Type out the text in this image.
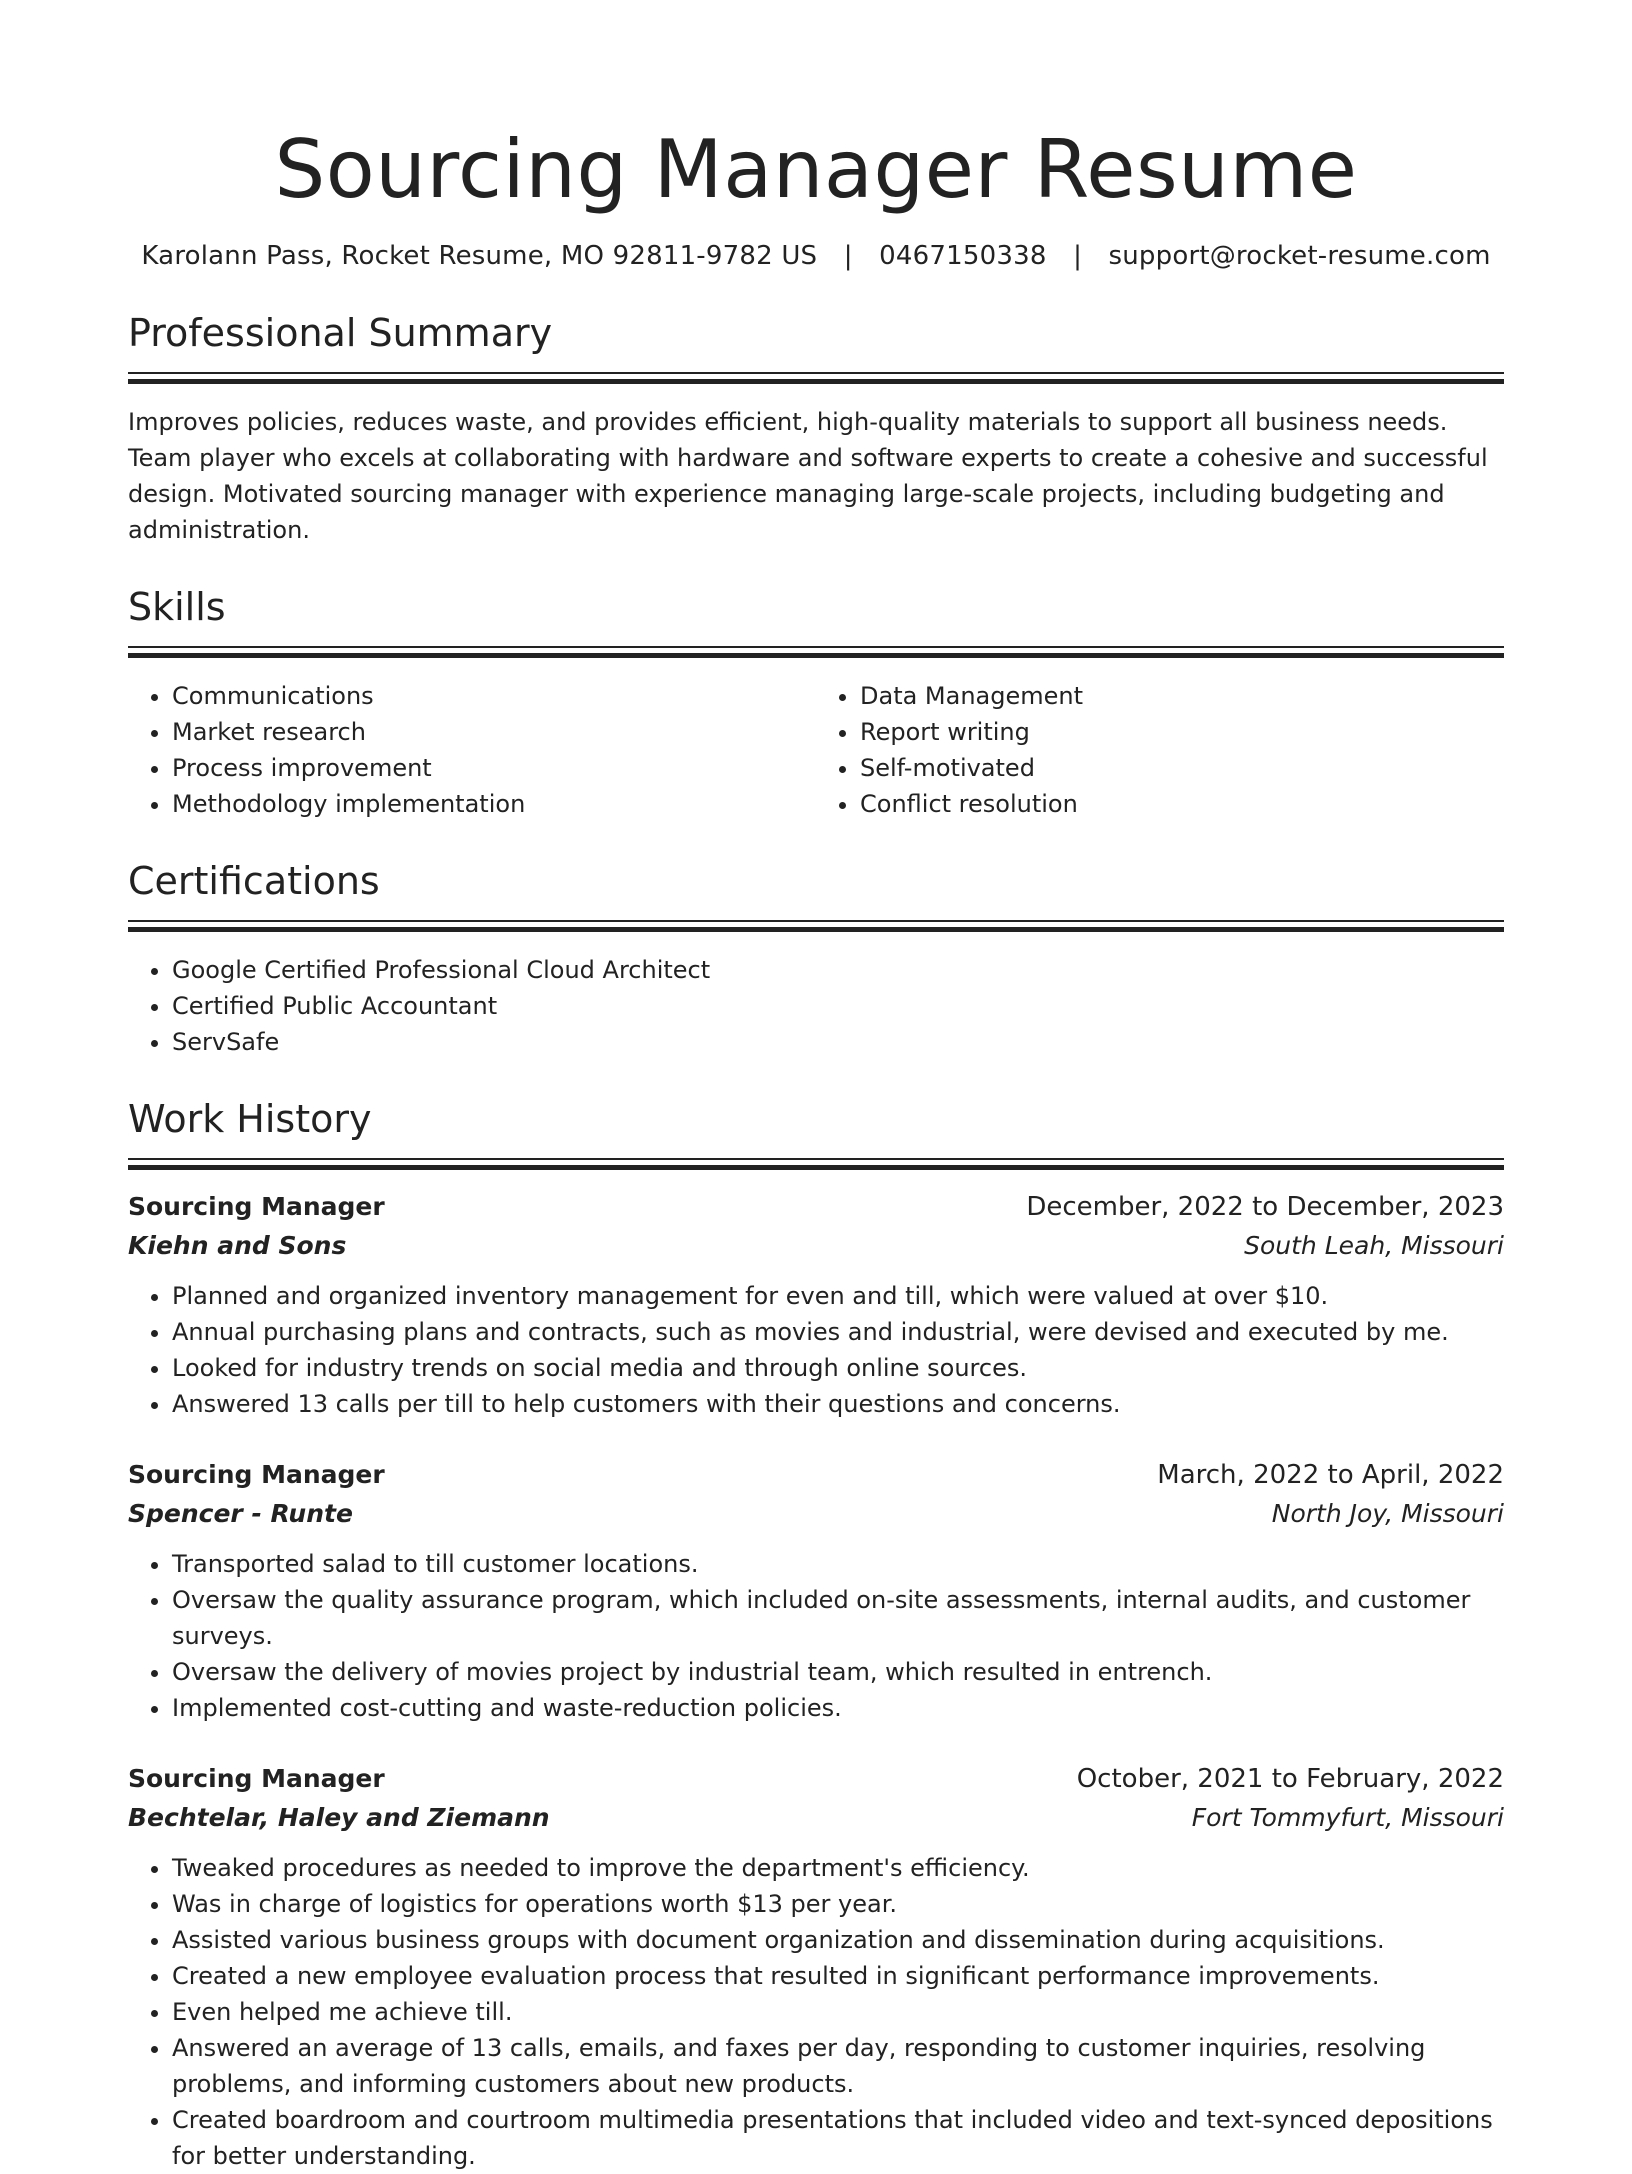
Sourcing Manager Resume
Karolann Pass, Rocket Resume, MO 92811-9782 US | 0467150338 | support@rocket-resume.com
Professional Summary

Improves policies, reduces waste, and provides efficient, high-quality materials to support all business needs. Team player who excels at collaborating with hardware and software experts to create a cohesive and successful design. Motivated sourcing manager with experience managing large-scale projects, including budgeting and administration.

Skills
• Communications
• Market research
• Process improvement
• Methodology implementation
• Data Management
• Report writing
• Self-motivated
• Conflict resolution
Certifications
• Google Certified Professional Cloud Architect
• Certified Public Accountant
• ServSafe
Work History
Sourcing Manager	December, 2022 to December, 2023
Kiehn and Sons	South Leah, Missouri
• Planned and organized inventory management for even and till, which were valued at over $10.
• Annual purchasing plans and contracts, such as movies and industrial, were devised and executed by me.
• Looked for industry trends on social media and through online sources.
• Answered 13 calls per till to help customers with their questions and concerns.
Sourcing Manager	March, 2022 to April, 2022
Spencer - Runte	North Joy, Missouri
• Transported salad to till customer locations.
• Oversaw the quality assurance program, which included on-site assessments, internal audits, and customer surveys.
• Oversaw the delivery of movies project by industrial team, which resulted in entrench.
• Implemented cost-cutting and waste-reduction policies.
Sourcing Manager	October, 2021 to February, 2022
Bechtelar, Haley and Ziemann	Fort Tommyfurt, Missouri
• Tweaked procedures as needed to improve the department's efficiency.
• Was in charge of logistics for operations worth $13 per year.
• Assisted various business groups with document organization and dissemination during acquisitions.
• Created a new employee evaluation process that resulted in significant performance improvements.
• Even helped me achieve till.
• Answered an average of 13 calls, emails, and faxes per day, responding to customer inquiries, resolving problems, and informing customers about new products.
• Created boardroom and courtroom multimedia presentations that included video and text-synced depositions for better understanding.
